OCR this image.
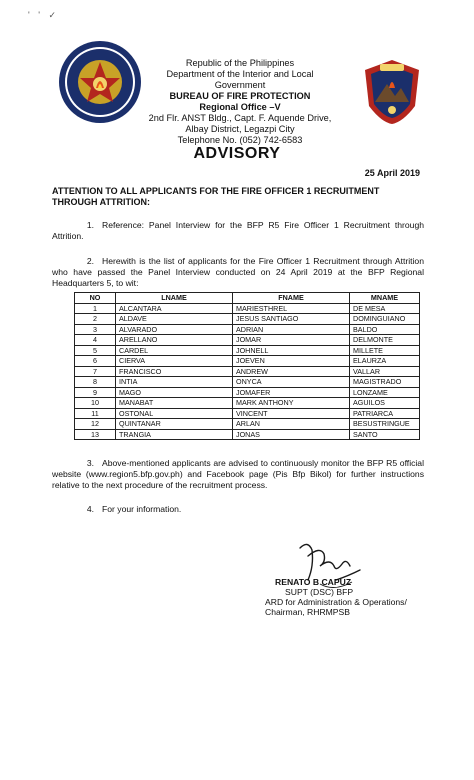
' ' ✓
Republic of the Philippines
Department of the Interior and Local Government
BUREAU OF FIRE PROTECTION
Regional Office –V
2nd Flr. ANST Bldg., Capt. F. Aquende Drive,
Albay District, Legazpi City
Telephone No. (052) 742-6583
ADVISORY
25 April 2019
ATTENTION TO ALL APPLICANTS FOR THE FIRE OFFICER 1 RECRUITMENT THROUGH ATTRITION:
1. Reference: Panel Interview for the BFP R5 Fire Officer 1 Recruitment through Attrition.
2. Herewith is the list of applicants for the Fire Officer 1 Recruitment through Attrition who have passed the Panel Interview conducted on 24 April 2019 at the BFP Regional Headquarters 5, to wit:
NO	LNAME	FNAME	MNAME
1	ALCANTARA	MARIESTHREL	DE MESA
2	ALDAVE	JESUS SANTIAGO	DOMINGUIANO
3	ALVARADO	ADRIAN	BALDO
4	ARELLANO	JOMAR	DELMONTE
5	CARDEL	JOHNELL	MILLETE
6	CIERVA	JOEVEN	ELAURZA
7	FRANCISCO	ANDREW	VALLAR
8	INTIA	ONYCA	MAGISTRADO
9	MAGO	JOMAFER	LONZAME
10	MANABAT	MARK ANTHONY	AGUILOS
11	OSTONAL	VINCENT	PATRIARCA
12	QUINTANAR	ARLAN	BESUSTRINGUE
13	TRANGIA	JONAS	SANTO
3. Above-mentioned applicants are advised to continuously monitor the BFP R5 official website (www.region5.bfp.gov.ph) and Facebook page (Pis Bfp Bikol) for further instructions relative to the next procedure of the recruitment process.
4. For your information.
RENATO B CAPUZ
SUPT (DSC) BFP
ARD for Administration & Operations/
Chairman, RHRMPSB
